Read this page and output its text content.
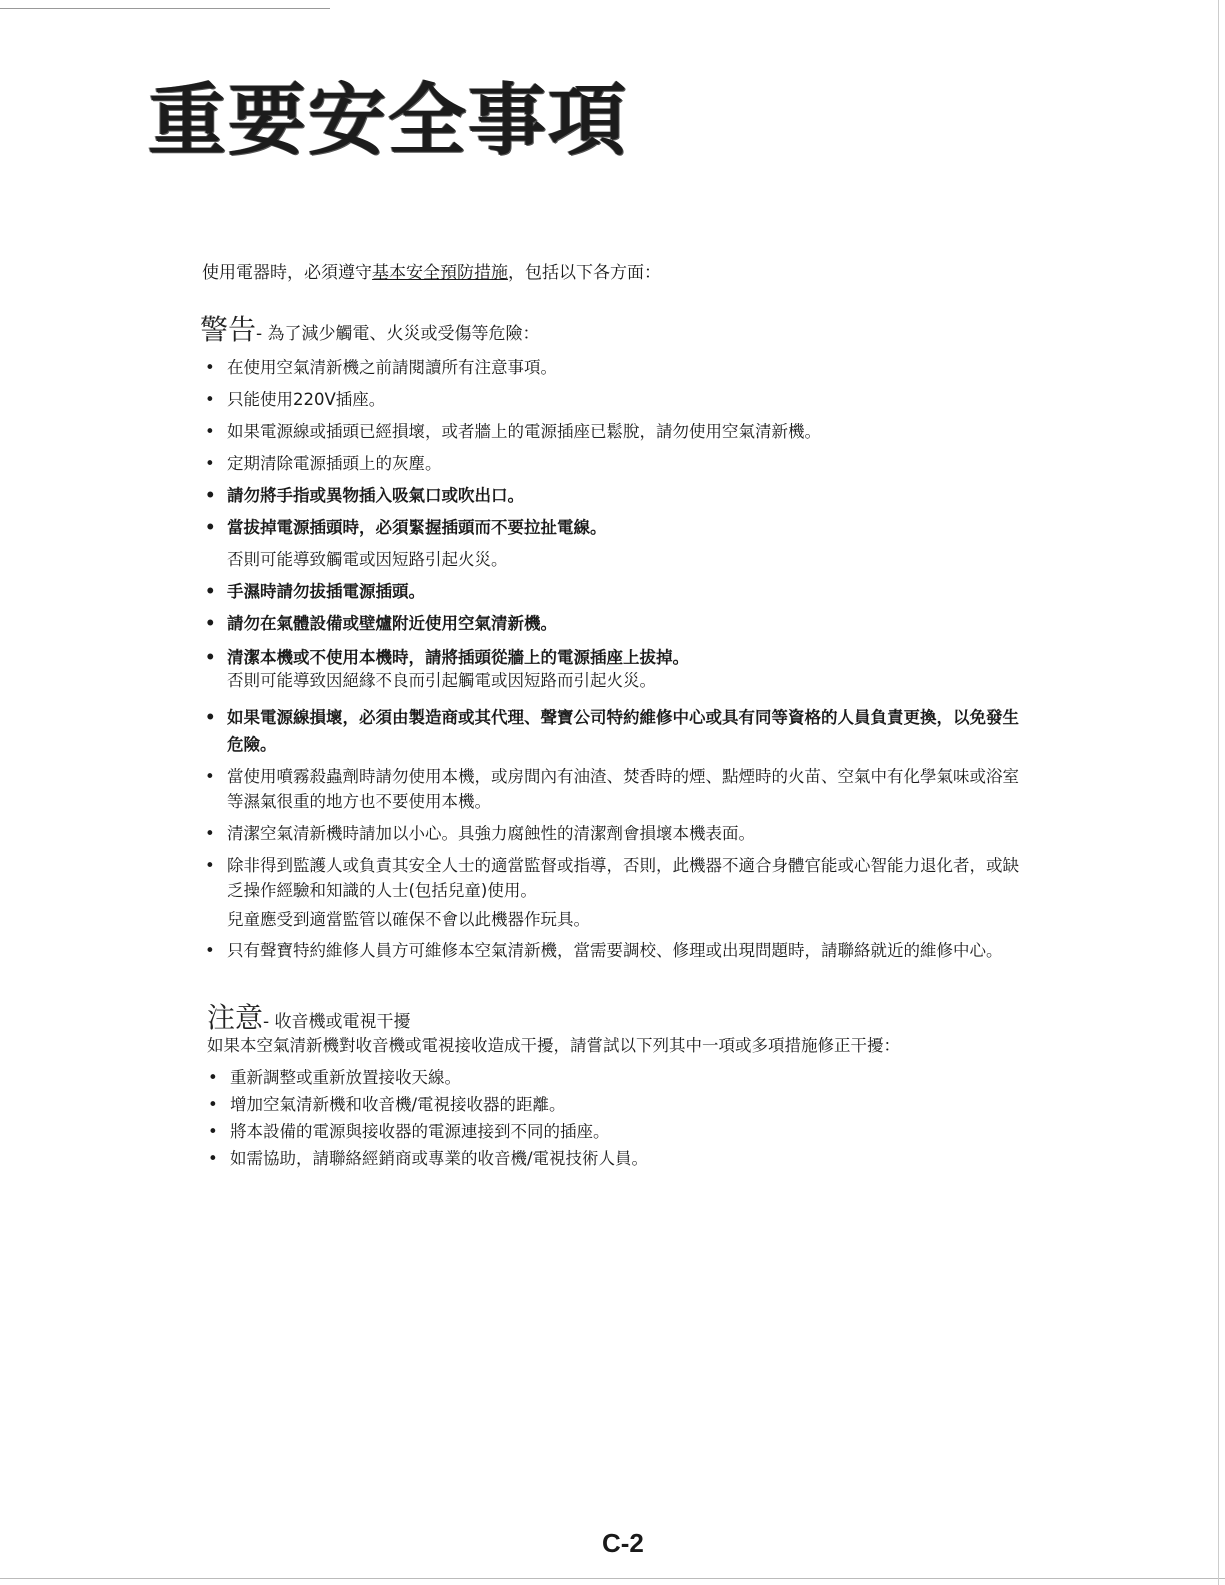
重要安全事項
使用電器時，必須遵守基本安全預防措施，包括以下各方面：
警告- 為了減少觸電、火災或受傷等危險：
• 在使用空氣清新機之前請閱讀所有注意事項。
• 只能使用220V插座。
• 如果電源線或插頭已經損壞，或者牆上的電源插座已鬆脫，請勿使用空氣清新機。
• 定期清除電源插頭上的灰塵。
• 請勿將手指或異物插入吸氣口或吹出口。
• 當拔掉電源插頭時，必須緊握插頭而不要拉扯電線。
否則可能導致觸電或因短路引起火災。
• 手濕時請勿拔插電源插頭。
• 請勿在氣體設備或壁爐附近使用空氣清新機。
• 清潔本機或不使用本機時，請將插頭從牆上的電源插座上拔掉。
否則可能導致因絕緣不良而引起觸電或因短路而引起火災。
• 如果電源線損壞，必須由製造商或其代理、聲寶公司特約維修中心或具有同等資格的人員負責更換，以免發生危險。
• 當使用噴霧殺蟲劑時請勿使用本機，或房間內有油渣、焚香時的煙、點煙時的火苗、空氣中有化學氣味或浴室等濕氣很重的地方也不要使用本機。
• 清潔空氣清新機時請加以小心。具強力腐蝕性的清潔劑會損壞本機表面。
• 除非得到監護人或負責其安全人士的適當監督或指導，否則，此機器不適合身體官能或心智能力退化者，或缺乏操作經驗和知識的人士(包括兒童)使用。
兒童應受到適當監管以確保不會以此機器作玩具。
• 只有聲寶特約維修人員方可維修本空氣清新機，當需要調校、修理或出現問題時，請聯絡就近的維修中心。
注意- 收音機或電視干擾
如果本空氣清新機對收音機或電視接收造成干擾，請嘗試以下列其中一項或多項措施修正干擾：
• 重新調整或重新放置接收天線。
• 增加空氣清新機和收音機/電視接收器的距離。
• 將本設備的電源與接收器的電源連接到不同的插座。
• 如需協助，請聯絡經銷商或專業的收音機/電視技術人員。
C-2
